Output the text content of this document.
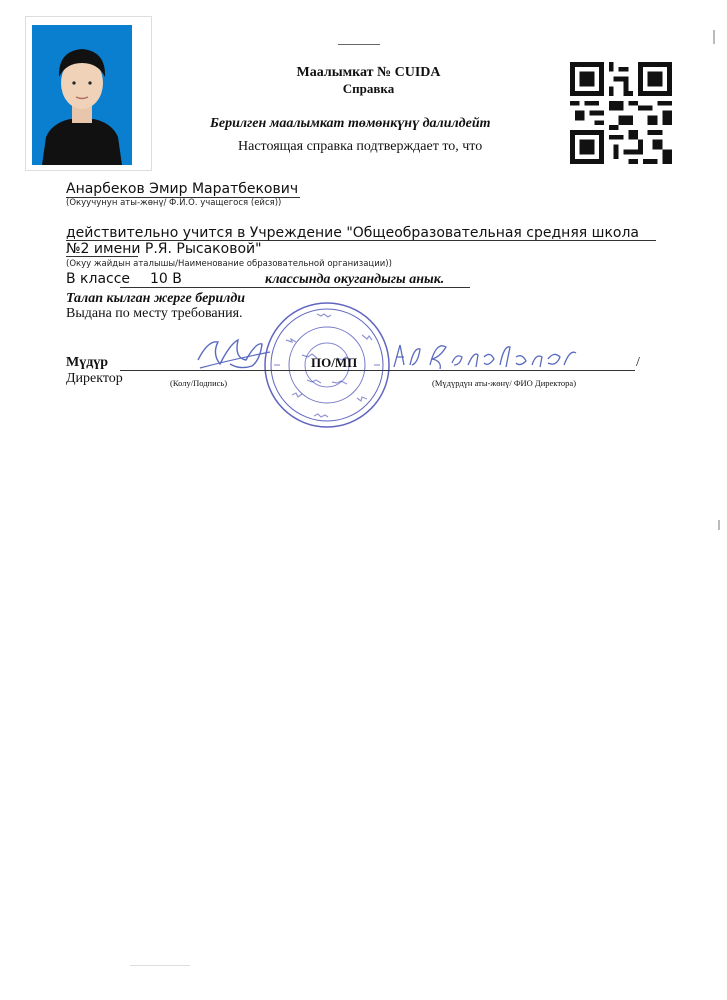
Маалымкат № CUIDA
Справка
Берилген маалымкат төмөнкүнү далилдейт
Настоящая справка подтверждает то, что
Анарбеков Эмир Маратбекович
(Окуучунун аты-жөнү/ Ф.И.О. учащегося (ейся))
действительно учится в Учреждение "Общеобразовательная средняя школа №2 имени Р.Я. Рысаковой"
(Окуу жайдын аталышы/Наименование образовательной организации))
В классе 10 В	классында окугандыгы анык.
Талап кылган жерге берилди
Выдана по месту требования.
Мүдүр
Директор
ПО/МП	/
(Колу/Подпись)	(Мүдүрдүн аты-жөнү/ ФИО Директора)
